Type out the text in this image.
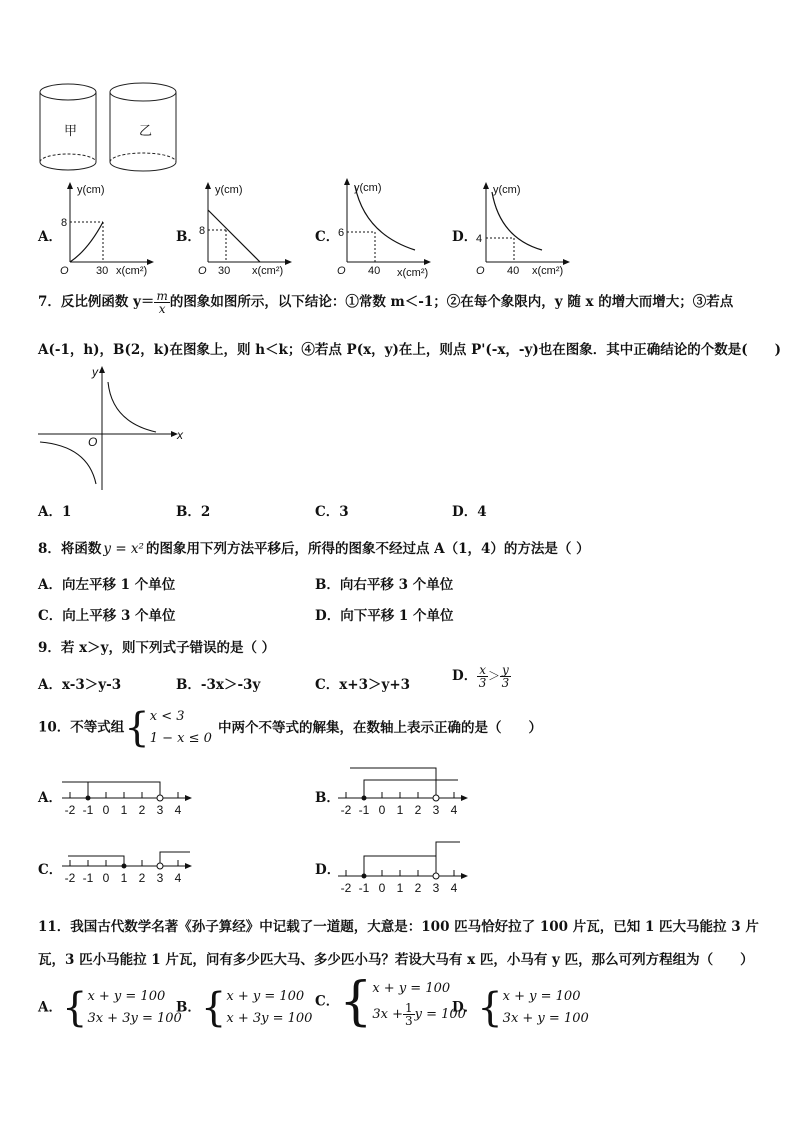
甲	乙
A．
y(cm)
8
O 30 x(cm²)
B．
y(cm)
8
O 30 x(cm²)
C．
y(cm)
6
O 40 x(cm²)
D．
y(cm)
4
O 40 x(cm²)
7．反比例函数 $y= \frac{m}{x}$ 的图象如图所示，以下结论：①常数 m＜-1；②在每个象限内，y 随 x 的增大而增大；③若点
A(-1，h)，B(2，k)在图象上，则 h＜k；④若点 P(x，y)在上，则点 P'(-x，-y)也在图象．其中正确结论的个数是(　　)
x
y
O
A．1	B．2	C．3	D．4
8．将函数 y = x² 的图象用下列方法平移后，所得的图象不经过点 A（1，4）的方法是（ ）
A．向左平移 1 个单位	B．向右平移 3 个单位
C．向上平移 3 个单位	D．向下平移 1 个单位
9．若 x＞y，则下列式子错误的是（ ）
A．x-3＞y-3	B．-3x＞-3y	C．x+3＞y+3
D． $\frac{x}{3} > \frac{y}{3}$
10．不等式组{ x < 3
1 − x ≤ 0
中两个不等式的解集，在数轴上表示正确的是（　　）
A．
-2 -1 0 1 2 3 4
B．
-2 -1 0 1 2 3 4
C． -2 -1 0 1 2 3 4	D．
-2 -1 0 1 2 3 4
11．我国古代数学名著《孙子算经》中记载了一道题，大意是：100 匹马恰好拉了 100 片瓦，已知 1 匹大马能拉 3 片
瓦，3 匹小马能拉 1 片瓦，问有多少匹大马、多少匹小马？若设大马有 x 匹，小马有 y 匹，那么可列方程组为（　　）
A．{ x + y = 100
3x + 3y = 100
B．{ x + y = 100
x + 3y = 100
C．{ x + y = 100
$3x + \frac{1}{3}$ y = 100
D．{ x + y = 100
3x + y = 100
